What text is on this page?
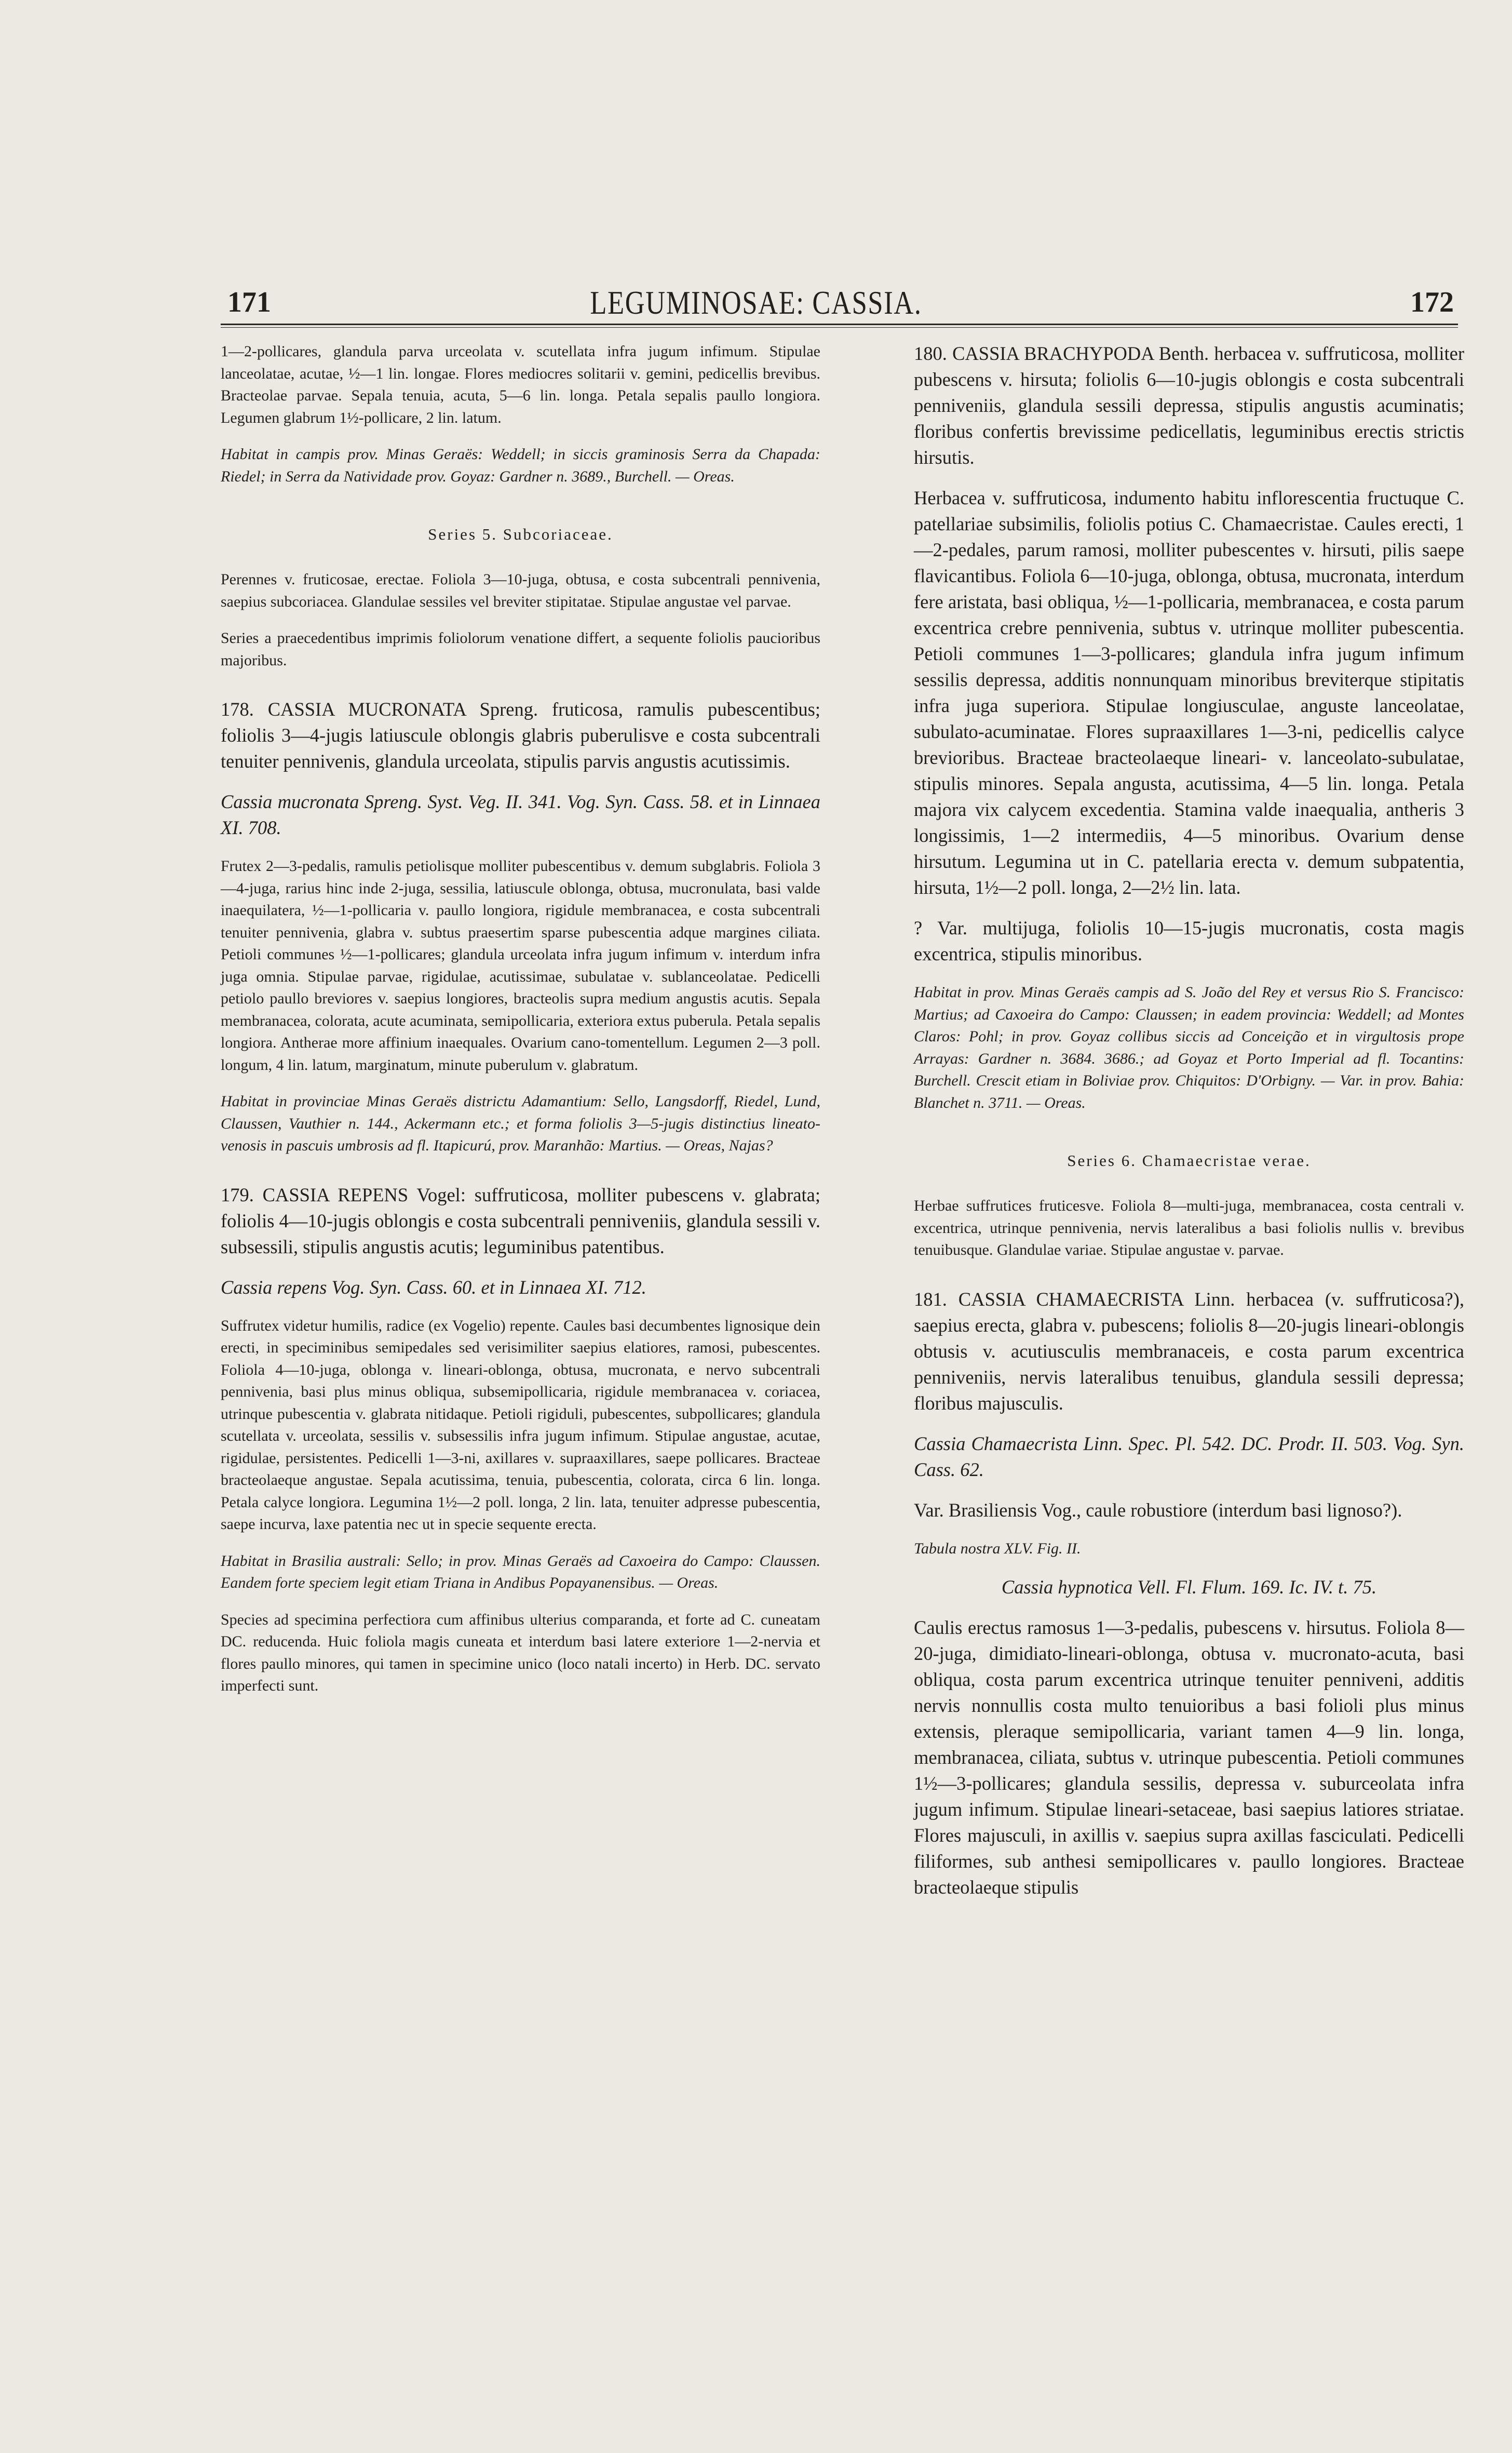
171	LEGUMINOSAE: CASSIA.	172

1—2-pollicares, glandula parva urceolata v. scutellata infra jugum infimum. Stipulae lanceolatae, acutae, ½—1 lin. longae. Flores mediocres solitarii v. gemini, pedicellis brevibus. Bracteolae parvae. Sepala tenuia, acuta, 5—6 lin. longa. Petala sepalis paullo longiora. Legumen glabrum 1½-pollicare, 2 lin. latum.

Habitat in campis prov. Minas Geraës: Weddell; in siccis graminosis Serra da Chapada: Riedel; in Serra da Natividade prov. Goyaz: Gardner n. 3689., Burchell. — Oreas.

Series 5. Subcoriaceae.

Perennes v. fruticosae, erectae. Foliola 3—10-juga, obtusa, e costa subcentrali pennivenia, saepius subcoriacea. Glandulae sessiles vel breviter stipitatae. Stipulae angustae vel parvae.

Series a praecedentibus imprimis foliolorum venatione differt, a sequente foliolis paucioribus majoribus.

178. CASSIA MUCRONATA Spreng. fruticosa, ramulis pubescentibus; foliolis 3—4-jugis latiuscule oblongis glabris puberulisve e costa subcentrali tenuiter pennivenis, glandula urceolata, stipulis parvis angustis acutissimis.

Cassia mucronata Spreng. Syst. Veg. II. 341. Vog. Syn. Cass. 58. et in Linnaea XI. 708.

Frutex 2—3-pedalis, ramulis petiolisque molliter pubescentibus v. demum subglabris. Foliola 3—4-juga, rarius hinc inde 2-juga, sessilia, latiuscule oblonga, obtusa, mucronulata, basi valde inaequilatera, ½—1-pollicaria v. paullo longiora, rigidule membranacea, e costa subcentrali tenuiter pennivenia, glabra v. subtus praesertim sparse pubescentia adque margines ciliata. Petioli communes ½—1-pollicares; glandula urceolata infra jugum infimum v. interdum infra juga omnia. Stipulae parvae, rigidulae, acutissimae, subulatae v. sublanceolatae. Pedicelli petiolo paullo breviores v. saepius longiores, bracteolis supra medium angustis acutis. Sepala membranacea, colorata, acute acuminata, semipollicaria, exteriora extus puberula. Petala sepalis longiora. Antherae more affinium inaequales. Ovarium cano-tomentellum. Legumen 2—3 poll. longum, 4 lin. latum, marginatum, minute puberulum v. glabratum.

Habitat in provinciae Minas Geraës districtu Adamantium: Sello, Langsdorff, Riedel, Lund, Claussen, Vauthier n. 144., Ackermann etc.; et forma foliolis 3—5-jugis distinctius lineato-venosis in pascuis umbrosis ad fl. Itapicurú, prov. Maranhão: Martius. — Oreas, Najas?

179. CASSIA REPENS Vogel: suffruticosa, molliter pubescens v. glabrata; foliolis 4—10-jugis oblongis e costa subcentrali penniveniis, glandula sessili v. subsessili, stipulis angustis acutis; leguminibus patentibus.

Cassia repens Vog. Syn. Cass. 60. et in Linnaea XI. 712.

Suffrutex videtur humilis, radice (ex Vogelio) repente. Caules basi decumbentes lignosique dein erecti, in speciminibus semipedales sed verisimiliter saepius elatiores, ramosi, pubescentes. Foliola 4—10-juga, oblonga v. lineari-oblonga, obtusa, mucronata, e nervo subcentrali pennivenia, basi plus minus obliqua, subsemipollicaria, rigidule membranacea v. coriacea, utrinque pubescentia v. glabrata nitidaque. Petioli rigiduli, pubescentes, subpollicares; glandula scutellata v. urceolata, sessilis v. subsessilis infra jugum infimum. Stipulae angustae, acutae, rigidulae, persistentes. Pedicelli 1—3-ni, axillares v. supraaxillares, saepe pollicares. Bracteae bracteolaeque angustae. Sepala acutissima, tenuia, pubescentia, colorata, circa 6 lin. longa. Petala calyce longiora. Legumina 1½—2 poll. longa, 2 lin. lata, tenuiter adpresse pubescentia, saepe incurva, laxe patentia nec ut in specie sequente erecta.

Habitat in Brasilia australi: Sello; in prov. Minas Geraës ad Caxoeira do Campo: Claussen. Eandem forte speciem legit etiam Triana in Andibus Popayanensibus. — Oreas.

Species ad specimina perfectiora cum affinibus ulterius comparanda, et forte ad C. cuneatam DC. reducenda. Huic foliola magis cuneata et interdum basi latere exteriore 1—2-nervia et flores paullo minores, qui tamen in specimine unico (loco natali incerto) in Herb. DC. servato imperfecti sunt.

180. CASSIA BRACHYPODA Benth. herbacea v. suffruticosa, molliter pubescens v. hirsuta; foliolis 6—10-jugis oblongis e costa subcentrali penniveniis, glandula sessili depressa, stipulis angustis acuminatis; floribus confertis brevissime pedicellatis, leguminibus erectis strictis hirsutis.

Herbacea v. suffruticosa, indumento habitu inflorescentia fructuque C. patellariae subsimilis, foliolis potius C. Chamaecristae. Caules erecti, 1—2-pedales, parum ramosi, molliter pubescentes v. hirsuti, pilis saepe flavicantibus. Foliola 6—10-juga, oblonga, obtusa, mucronata, interdum fere aristata, basi obliqua, ½—1-pollicaria, membranacea, e costa parum excentrica crebre pennivenia, subtus v. utrinque molliter pubescentia. Petioli communes 1—3-pollicares; glandula infra jugum infimum sessilis depressa, additis nonnunquam minoribus breviterque stipitatis infra juga superiora. Stipulae longiusculae, anguste lanceolatae, subulato-acuminatae. Flores supraaxillares 1—3-ni, pedicellis calyce brevioribus. Bracteae bracteolaeque lineari- v. lanceolato-subulatae, stipulis minores. Sepala angusta, acutissima, 4—5 lin. longa. Petala majora vix calycem excedentia. Stamina valde inaequalia, antheris 3 longissimis, 1—2 intermediis, 4—5 minoribus. Ovarium dense hirsutum. Legumina ut in C. patellaria erecta v. demum subpatentia, hirsuta, 1½—2 poll. longa, 2—2½ lin. lata.

? Var. multijuga, foliolis 10—15-jugis mucronatis, costa magis excentrica, stipulis minoribus.

Habitat in prov. Minas Geraës campis ad S. João del Rey et versus Rio S. Francisco: Martius; ad Caxoeira do Campo: Claussen; in eadem provincia: Weddell; ad Montes Claros: Pohl; in prov. Goyaz collibus siccis ad Conceição et in virgultosis prope Arrayas: Gardner n. 3684. 3686.; ad Goyaz et Porto Imperial ad fl. Tocantins: Burchell. Crescit etiam in Boliviae prov. Chiquitos: D'Orbigny. — Var. in prov. Bahia: Blanchet n. 3711. — Oreas.

Series 6. Chamaecristae verae.

Herbae suffrutices fruticesve. Foliola 8—multi-juga, membranacea, costa centrali v. excentrica, utrinque pennivenia, nervis lateralibus a basi foliolis nullis v. brevibus tenuibusque. Glandulae variae. Stipulae angustae v. parvae.

181. CASSIA CHAMAECRISTA Linn. herbacea (v. suffruticosa?), saepius erecta, glabra v. pubescens; foliolis 8—20-jugis lineari-oblongis obtusis v. acutiusculis membranaceis, e costa parum excentrica penniveniis, nervis lateralibus tenuibus, glandula sessili depressa; floribus majusculis.

Cassia Chamaecrista Linn. Spec. Pl. 542. DC. Prodr. II. 503. Vog. Syn. Cass. 62.

Var. Brasiliensis Vog., caule robustiore (interdum basi lignoso?).

Tabula nostra XLV. Fig. II.

Cassia hypnotica Vell. Fl. Flum. 169. Ic. IV. t. 75.

Caulis erectus ramosus 1—3-pedalis, pubescens v. hirsutus. Foliola 8—20-juga, dimidiato-lineari-oblonga, obtusa v. mucronato-acuta, basi obliqua, costa parum excentrica utrinque tenuiter penniveni, additis nervis nonnullis costa multo tenuioribus a basi folioli plus minus extensis, pleraque semipollicaria, variant tamen 4—9 lin. longa, membranacea, ciliata, subtus v. utrinque pubescentia. Petioli communes 1½—3-pollicares; glandula sessilis, depressa v. suburceolata infra jugum infimum. Stipulae lineari-setaceae, basi saepius latiores striatae. Flores majusculi, in axillis v. saepius supra axillas fasciculati. Pedicelli filiformes, sub anthesi semipollicares v. paullo longiores. Bracteae bracteolaeque stipulis
